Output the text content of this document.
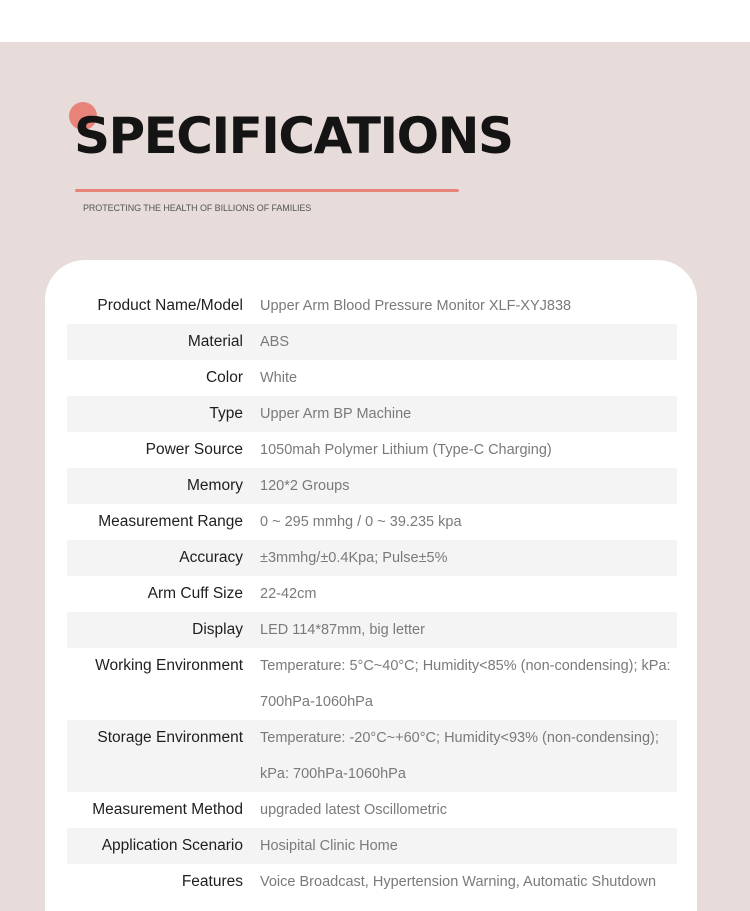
SPECIFICATIONS
PROTECTING THE HEALTH OF BILLIONS OF FAMILIES
Product Name/Model	Upper Arm Blood Pressure Monitor XLF-XYJ838
Material	ABS
Color	White
Type	Upper Arm BP Machine
Power Source	1050mah Polymer Lithium (Type-C Charging)
Memory	120*2 Groups
Measurement Range	0 ~ 295 mmhg / 0 ~ 39.235 kpa
Accuracy	±3mmhg/±0.4Kpa; Pulse±5%
Arm Cuff Size	22-42cm
Display	LED 114*87mm, big letter
Working Environment	Temperature: 5°C~40°C; Humidity<85% (non-condensing); kPa: 700hPa-1060hPa
Storage Environment	Temperature: -20°C~+60°C; Humidity<93% (non-condensing); kPa: 700hPa-1060hPa
Measurement Method	upgraded latest Oscillometric
Application Scenario	Hosipital Clinic Home
Features	Voice Broadcast, Hypertension Warning, Automatic Shutdown
